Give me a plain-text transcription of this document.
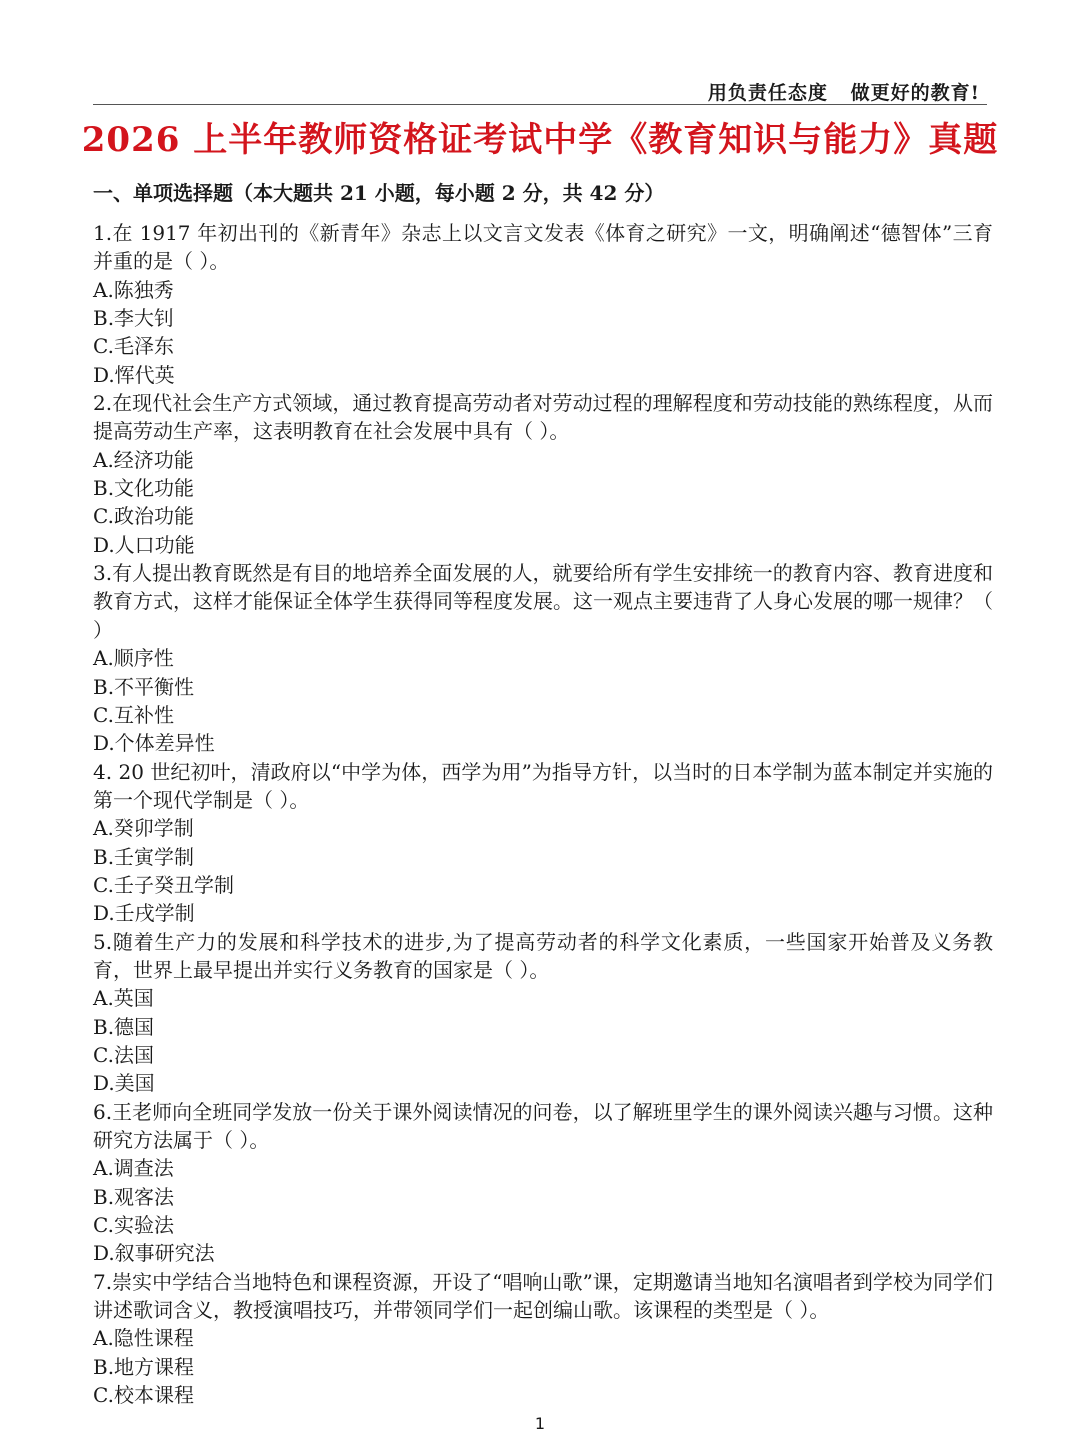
用负责任态度   做更好的教育!
2026 上半年教师资格证考试中学《教育知识与能力》真题
一、单项选择题（本大题共 21 小题，每小题 2 分，共 42 分）

1.在 1917 年初出刊的《新青年》杂志上以文言文发表《体育之研究》一文，明确阐述“德智体”三育并重的是（ ）。

A.陈独秀

B.李大钊

C.毛泽东

D.恽代英

2.在现代社会生产方式领域，通过教育提高劳动者对劳动过程的理解程度和劳动技能的熟练程度，从而提高劳动生产率，这表明教育在社会发展中具有（ ）。

A.经济功能

B.文化功能

C.政治功能

D.人口功能

3.有人提出教育既然是有目的地培养全面发展的人，就要给所有学生安排统一的教育内容、教育进度和教育方式，这样才能保证全体学生获得同等程度发展。这一观点主要违背了人身心发展的哪一规律？（ ）

A.顺序性

B.不平衡性

C.互补性

D.个体差异性

4. 20 世纪初叶，清政府以“中学为体，西学为用”为指导方针，以当时的日本学制为蓝本制定并实施的第一个现代学制是（ ）。

A.癸卯学制

B.壬寅学制

C.壬子癸丑学制

D.壬戌学制

5.随着生产力的发展和科学技术的进步,为了提高劳动者的科学文化素质，一些国家开始普及义务教育，世界上最早提出并实行义务教育的国家是（ ）。

A.英国

B.德国

C.法国

D.美国

6.王老师向全班同学发放一份关于课外阅读情况的问卷，以了解班里学生的课外阅读兴趣与习惯。这种研究方法属于（ ）。

A.调查法

B.观客法

C.实验法

D.叙事研究法

7.崇实中学结合当地特色和课程资源，开设了“唱响山歌”课，定期邀请当地知名演唱者到学校为同学们讲述歌词含义，教授演唱技巧，并带领同学们一起创编山歌。该课程的类型是（ ）。

A.隐性课程

B.地方课程

C.校本课程

1
